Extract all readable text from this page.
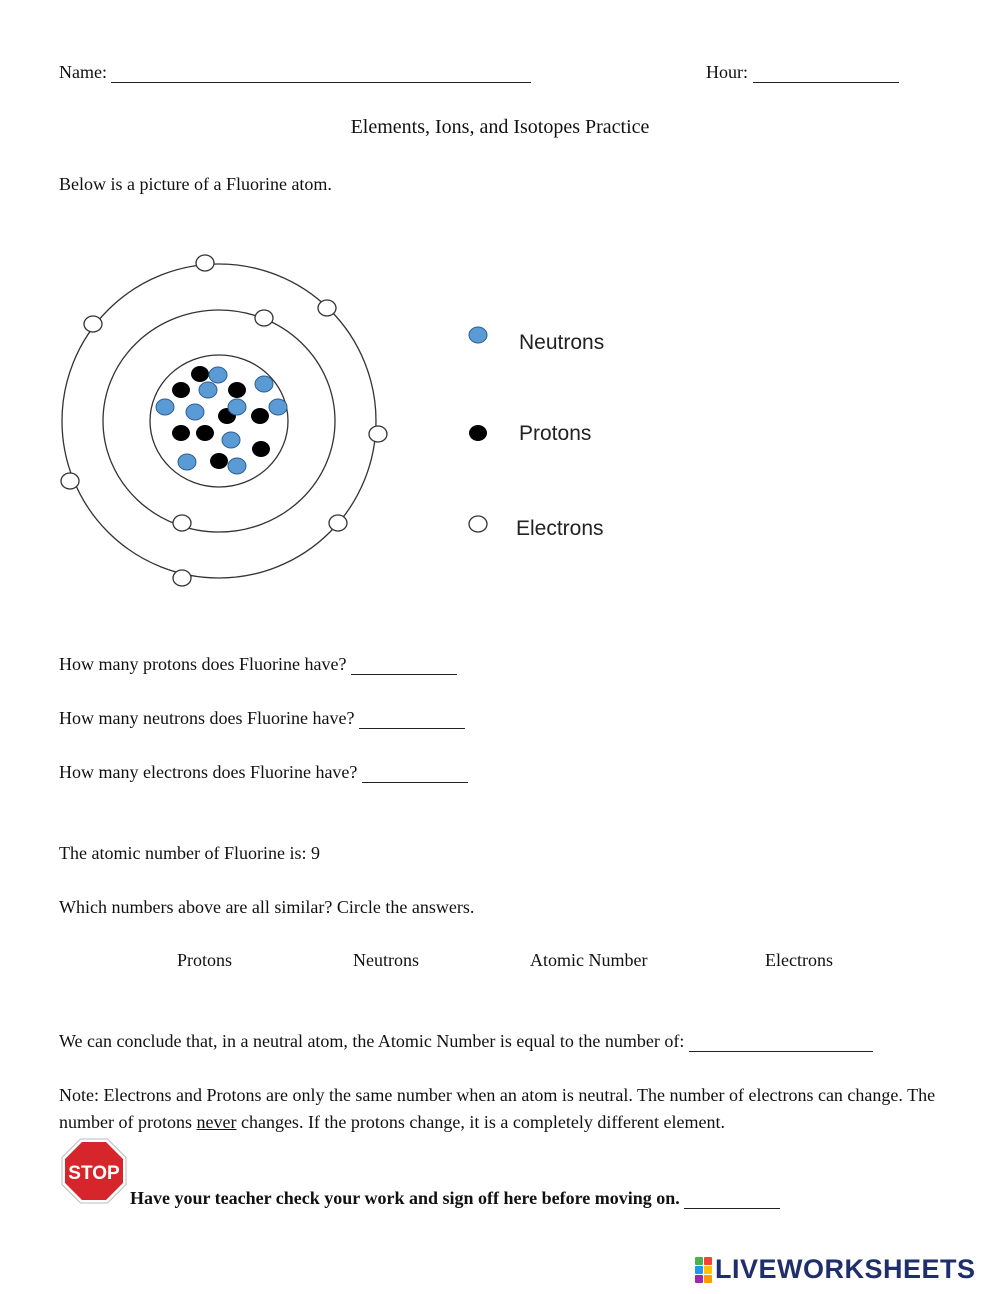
Name:	Hour:
Elements, Ions, and Isotopes Practice
Below is a picture of a Fluorine atom.
Neutrons
Protons
Electrons
How many protons does Fluorine have?
How many neutrons does Fluorine have?
How many electrons does Fluorine have?
The atomic number of Fluorine is: 9
Which numbers above are all similar? Circle the answers.
Protons	Neutrons	Atomic Number	Electrons
We can conclude that, in a neutral atom, the Atomic Number is equal to the number of:
Note: Electrons and Protons are only the same number when an atom is neutral. The number of electrons can change. The number of protons never changes. If the protons change, it is a completely different element.
STOP
Have your teacher check your work and sign off here before moving on.
LIVEWORKSHEETS
